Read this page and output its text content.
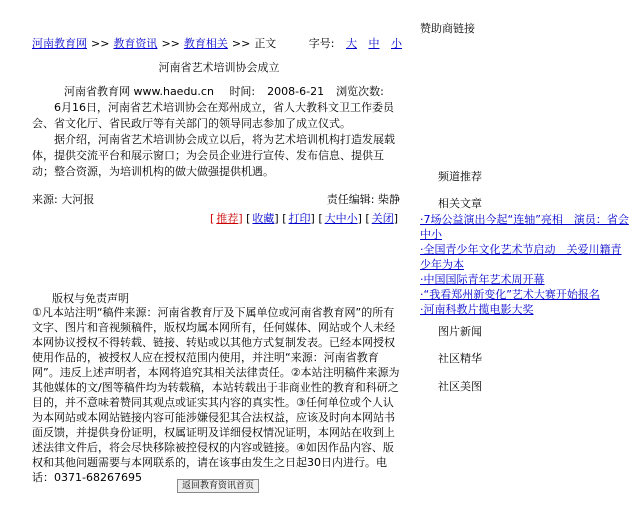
河南教育网 >> 教育资讯 >> 教育相关 >> 正文	字号: 大 中 小
河南省艺术培训协会成立
河南省教育网 www.haedu.cn 时间: 2008-6-21 浏览次数:

6月16日，河南省艺术培训协会在郑州成立，省人大教科文卫工作委员会、省文化厅、省民政厅等有关部门的领导同志参加了成立仪式。

据介绍，河南省艺术培训协会成立以后，将为艺术培训机构打造发展载体，提供交流平台和展示窗口；为会员企业进行宣传、发布信息、提供互动；整合资源，为培训机构的做大做强提供机遇。

来源: 大河报	责任编辑: 柴静
[ 推荐] [ 收藏] [ 打印] [ 大中小] [ 关闭]
版权与免责声明
①凡本站注明“稿件来源：河南省教育厅及下属单位或河南省教育网”的所有文字、图片和音视频稿件，版权均属本网所有，任何媒体、网站或个人未经本网协议授权不得转载、链接、转贴或以其他方式复制发表。已经本网授权使用作品的，被授权人应在授权范围内使用，并注明“来源：河南省教育网”。违反上述声明者，本网将追究其相关法律责任。②本站注明稿件来源为其他媒体的文/图等稿件均为转载稿，本站转载出于非商业性的教育和科研之目的，并不意味着赞同其观点或证实其内容的真实性。③任何单位或个人认为本网站或本网站链接内容可能涉嫌侵犯其合法权益，应该及时向本网站书面反馈，并提供身份证明，权属证明及详细侵权情况证明，本网站在收到上述法律文件后，将会尽快移除被控侵权的内容或链接。④如因作品内容、版权和其他问题需要与本网联系的，请在该事由发生之日起30日内进行。电话：0371-68267695
返回教育资讯首页
赞助商链接
频道推荐
相关文章
·7场公益演出今起“连轴”亮相　演员：省会中小
·全国青少年文化艺术节启动　关爱川籍青少年为本
·中国国际青年艺术周开幕
·“我看郑州新变化”艺术大赛开始报名
·河南科教片揽电影大奖
图片新闻
社区精华
社区美图
